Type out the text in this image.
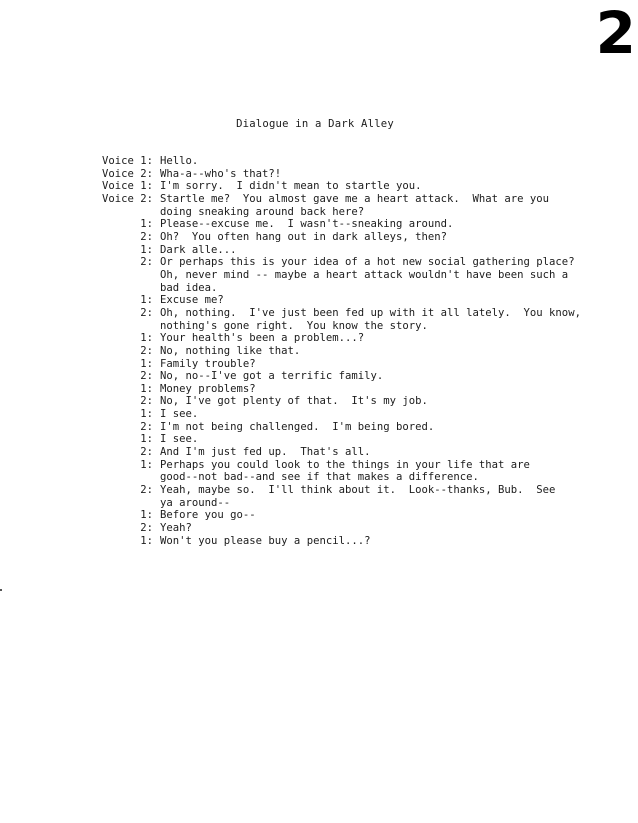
2
Dialogue in a Dark Alley
Voice 1: Hello.
Voice 2: Wha-a--who's that?!
Voice 1: I'm sorry.  I didn't mean to startle you.
Voice 2: Startle me?  You almost gave me a heart attack.  What are you
doing sneaking around back here?
1: Please--excuse me.  I wasn't--sneaking around.
2: Oh?  You often hang out in dark alleys, then?
1: Dark alle...
2: Or perhaps this is your idea of a hot new social gathering place?
Oh, never mind -- maybe a heart attack wouldn't have been such a
bad idea.
1: Excuse me?
2: Oh, nothing.  I've just been fed up with it all lately.  You know,
nothing's gone right.  You know the story.
1: Your health's been a problem...?
2: No, nothing like that.
1: Family trouble?
2: No, no--I've got a terrific family.
1: Money problems?
2: No, I've got plenty of that.  It's my job.
1: I see.
2: I'm not being challenged.  I'm being bored.
1: I see.
2: And I'm just fed up.  That's all.
1: Perhaps you could look to the things in your life that are
good--not bad--and see if that makes a difference.
2: Yeah, maybe so.  I'll think about it.  Look--thanks, Bub.  See
ya around--
1: Before you go--
2: Yeah?
1: Won't you please buy a pencil...?
